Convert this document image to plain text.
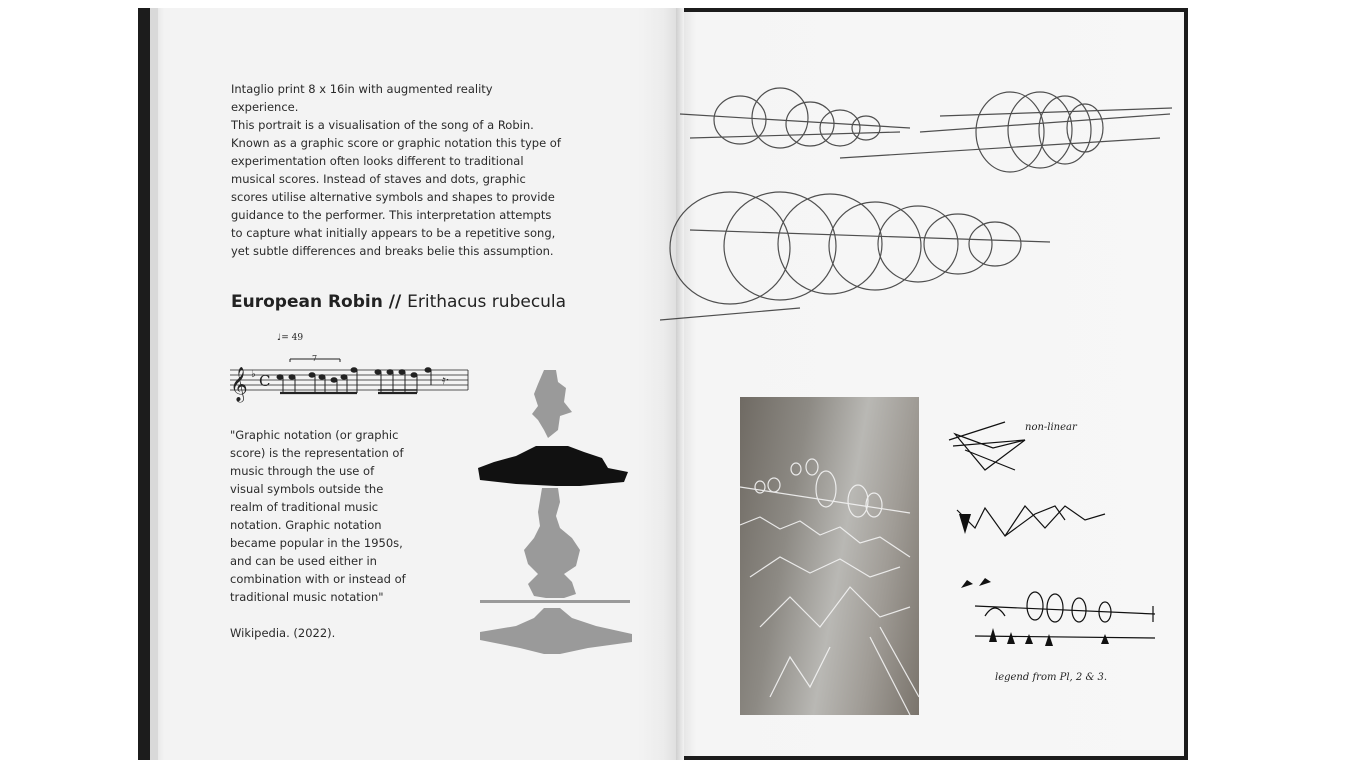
Intaglio print 8 x 16in with augmented reality experience.
This portrait is a visualisation of the song of a Robin. Known as a graphic score or graphic notation this type of experimentation often looks different to traditional musical scores. Instead of staves and dots, graphic scores utilise alternative symbols and shapes to provide guidance to the performer. This interpretation attempts to capture what initially appears to be a repetitive song, yet subtle differences and breaks belie this assumption.
European Robin // Erithacus rubecula
♩= 49
𝄞 ♭ C
7
𝄿·
"Graphic notation (or graphic score) is the representation of music through the use of visual symbols outside the realm of traditional music notation. Graphic notation became popular in the 1950s, and can be used either in combination with or instead of traditional music notation"
Wikipedia. (2022).
non-linear
legend from Pl, 2 & 3.
